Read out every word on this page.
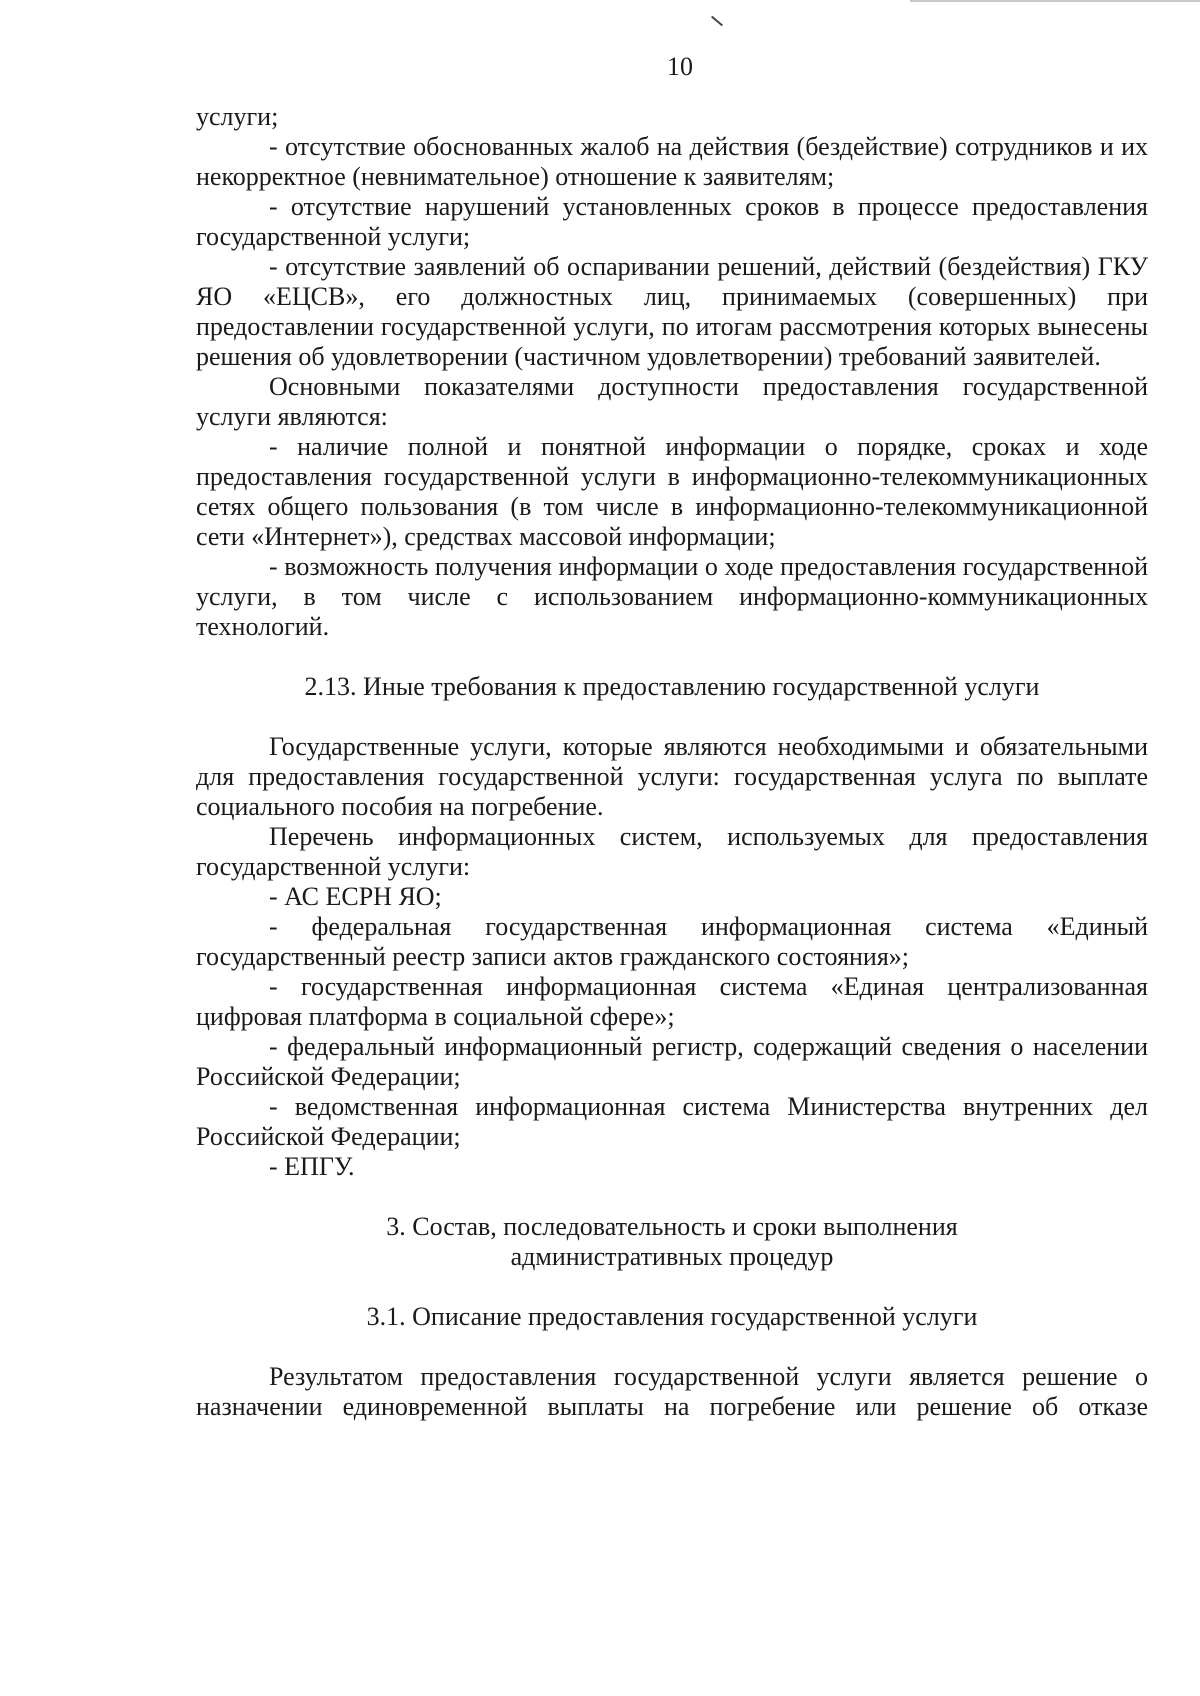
10

услуги;

- отсутствие обоснованных жалоб на действия (бездействие) сотрудников и их некорректное (невнимательное) отношение к заявителям;

- отсутствие нарушений установленных сроков в процессе предоставления государственной услуги;

- отсутствие заявлений об оспаривании решений, действий (бездействия) ГКУ ЯО «ЕЦСВ», его должностных лиц, принимаемых (совершенных) при предоставлении государственной услуги, по итогам рассмотрения которых вынесены решения об удовлетворении (частичном удовлетворении) требований заявителей.

Основными показателями доступности предоставления государственной услуги являются:

- наличие полной и понятной информации о порядке, сроках и ходе предоставления государственной услуги в информационно-телекоммуникационных сетях общего пользования (в том числе в информационно-телекоммуникационной сети «Интернет»), средствах массовой информации;

- возможность получения информации о ходе предоставления государственной услуги, в том числе с использованием информационно-коммуникационных технологий.

2.13. Иные требования к предоставлению государственной услуги

Государственные услуги, которые являются необходимыми и обязательными для предоставления государственной услуги: государственная услуга по выплате социального пособия на погребение.

Перечень информационных систем, используемых для предоставления государственной услуги:

- АС ЕСРН ЯО;

- федеральная государственная информационная система «Единый государственный реестр записи актов гражданского состояния»;

- государственная информационная система «Единая централизованная цифровая платформа в социальной сфере»;

- федеральный информационный регистр, содержащий сведения о населении Российской Федерации;

- ведомственная информационная система Министерства внутренних дел Российской Федерации;

- ЕПГУ.

3. Состав, последовательность и сроки выполнения
административных процедур
3.1. Описание предоставления государственной услуги

Результатом предоставления государственной услуги является решение о назначении единовременной выплаты на погребение или решение об отказе
